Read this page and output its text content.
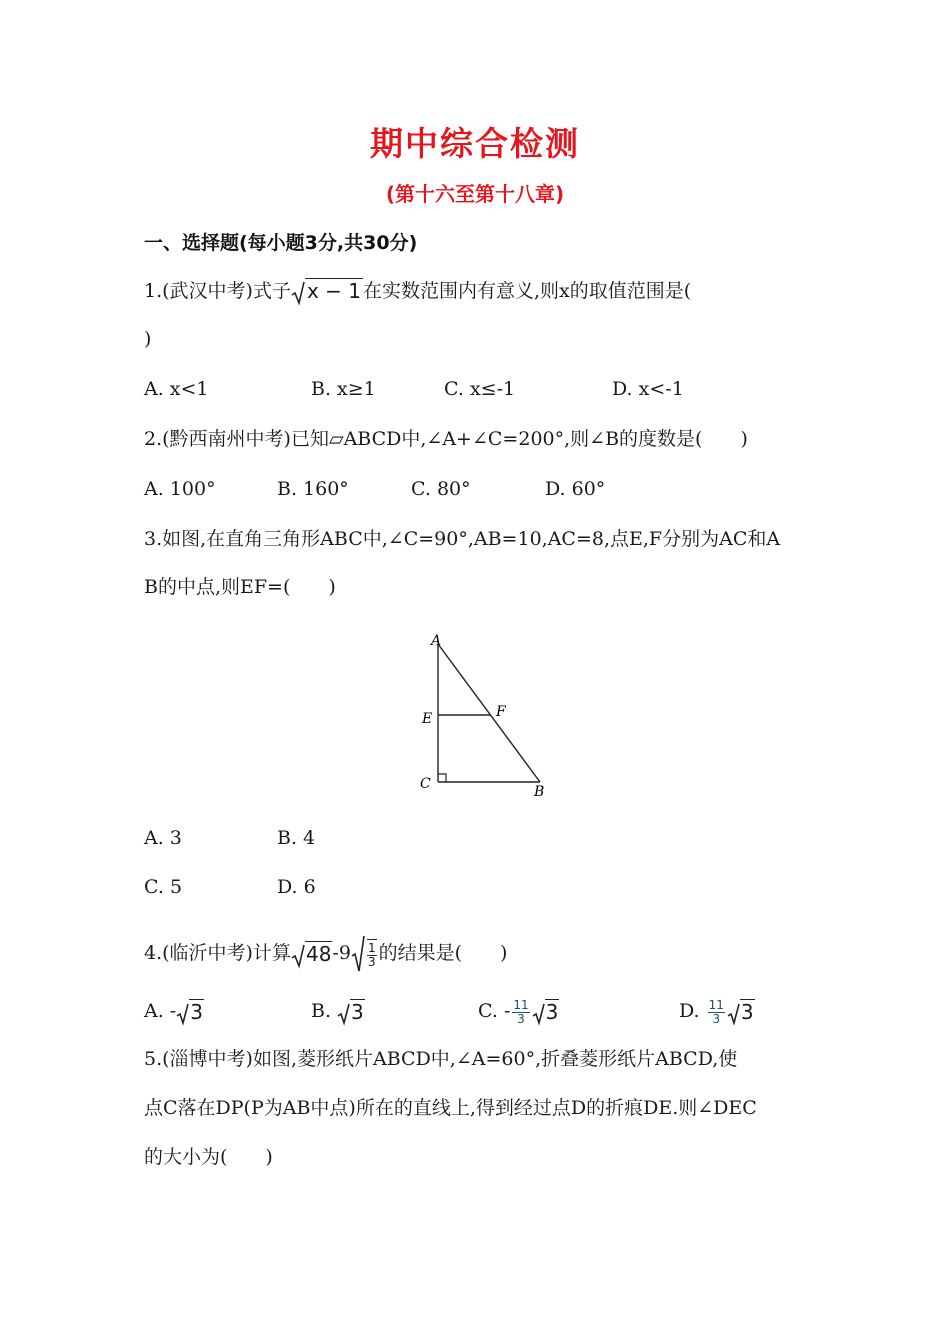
期中综合检测
(第十六至第十八章)
一、选择题(每小题3分,共30分)
1.(武汉中考)式子 x − 1 在实数范围内有意义,则x的取值范围是(
)
A. x<1	B. x≥1	C. x≤-1	D. x<-1
2.(黔西南州中考)已知▱ABCD中,∠A+∠C=200°,则∠B的度数是(　　)
A. 100°	B. 160°	C. 80°	D. 60°
3.如图,在直角三角形ABC中,∠C=90°,AB=10,AC=8,点E,F分别为AC和A
B的中点,则EF=(　　)
A
E	F
C	B
A. 3	B. 4
C. 5	D. 6
4.(临沂中考)计算 $48-9 \frac{1}{3}$ 的结果是(　　)
A. - 3	B. 3	C. - $\frac{11}{3} 3$	D. $\frac{11}{3} 3$
5.(淄博中考)如图,菱形纸片ABCD中,∠A=60°,折叠菱形纸片ABCD,使
点C落在DP(P为AB中点)所在的直线上,得到经过点D的折痕DE.则∠DEC
的大小为(　　)
